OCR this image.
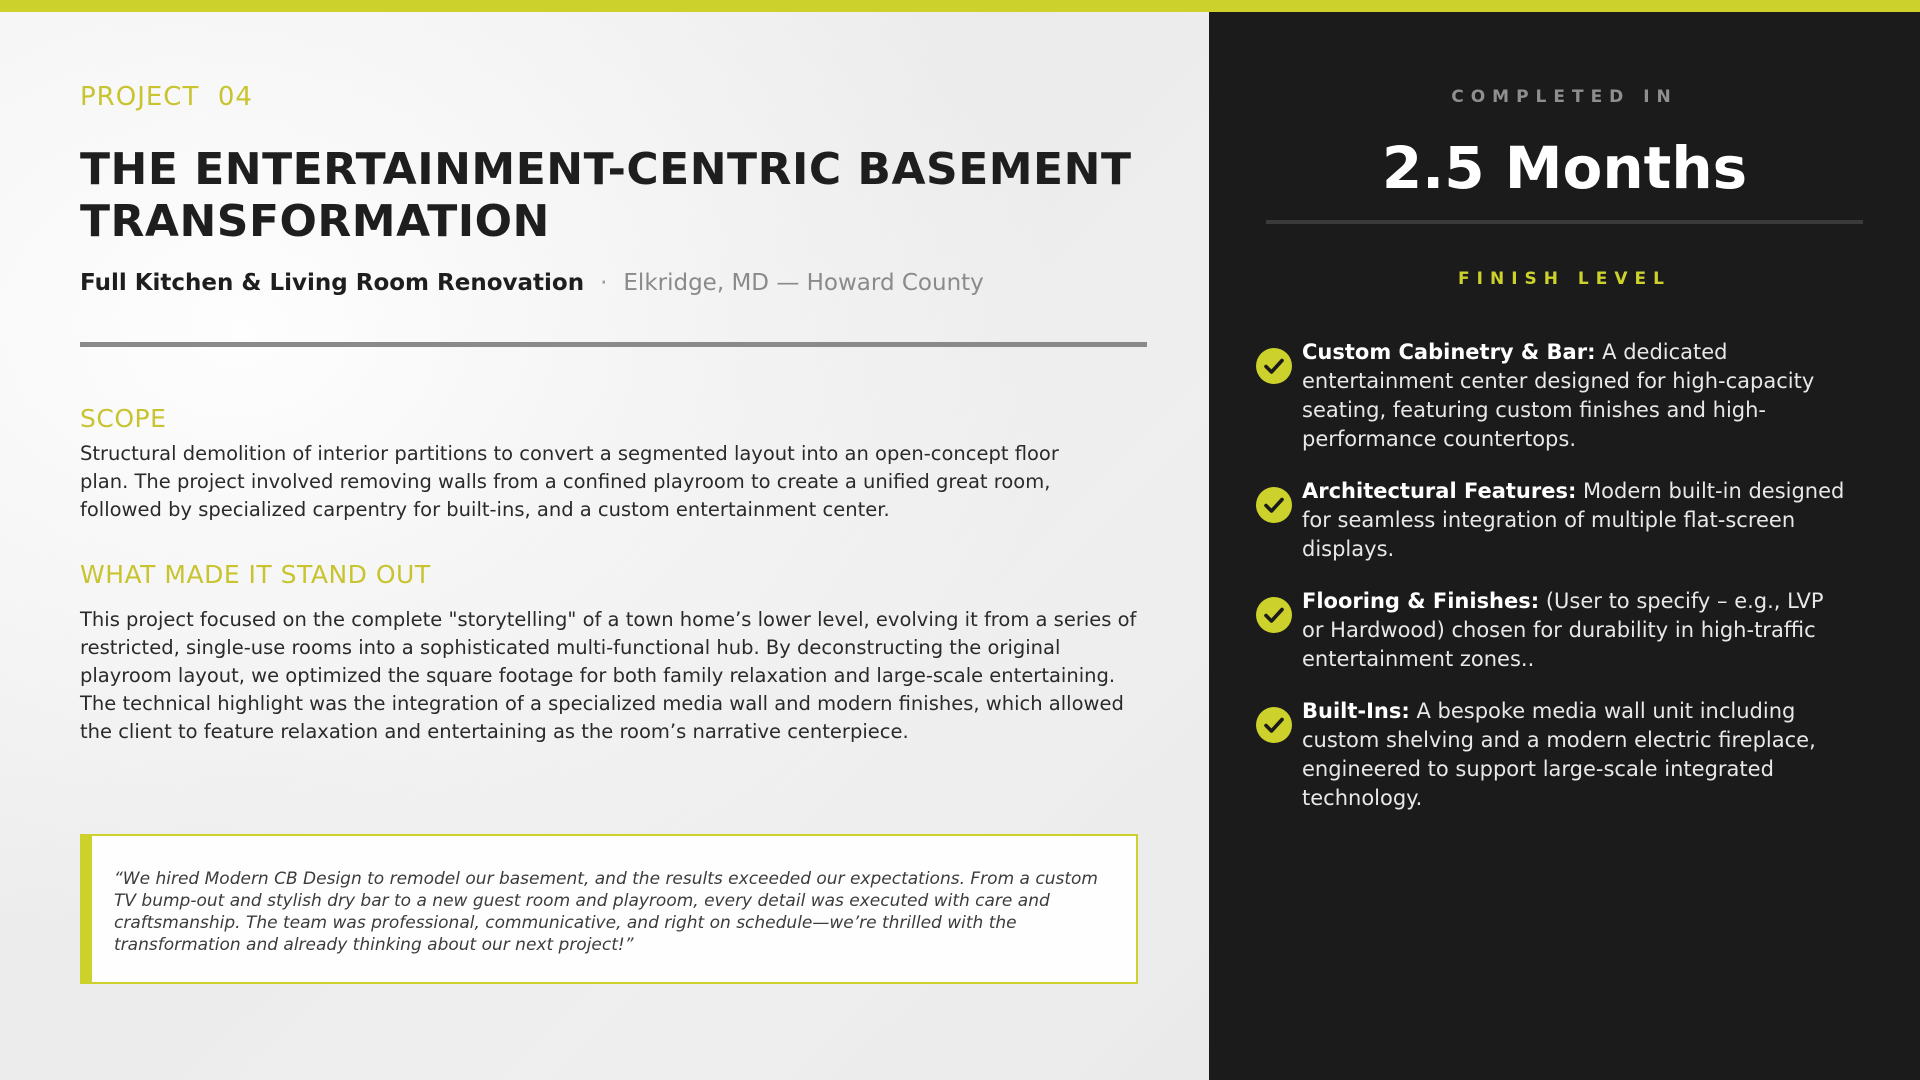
PROJECT  04
THE ENTERTAINMENT-CENTRIC BASEMENT TRANSFORMATION
Full Kitchen & Living Room Renovation · Elkridge, MD — Howard County
SCOPE

Structural demolition of interior partitions to convert a segmented layout into an open-concept floor plan. The project involved removing walls from a confined playroom to create a unified great room, followed by specialized carpentry for built-ins, and a custom entertainment center.

WHAT MADE IT STAND OUT

This project focused on the complete "storytelling" of a town home’s lower level, evolving it from a series of restricted, single-use rooms into a sophisticated multi-functional hub. By deconstructing the original playroom layout, we optimized the square footage for both family relaxation and large-scale entertaining. The technical highlight was the integration of a specialized media wall and modern finishes, which allowed the client to feature relaxation and entertaining as the room’s narrative centerpiece.

“We hired Modern CB Design to remodel our basement, and the results exceeded our expectations. From a custom TV bump-out and stylish dry bar to a new guest room and playroom, every detail was executed with care and craftsmanship. The team was professional, communicative, and right on schedule—we’re thrilled with the transformation and already thinking about our next project!”

COMPLETED IN
2.5 Months
FINISH LEVEL
Custom Cabinetry & Bar: A dedicated entertainment center designed for high-capacity seating, featuring custom finishes and high-performance countertops.
Architectural Features: Modern built-in designed for seamless integration of multiple flat-screen displays.
Flooring & Finishes: (User to specify – e.g., LVP or Hardwood) chosen for durability in high-traffic entertainment zones..
Built-Ins: A bespoke media wall unit including custom shelving and a modern electric fireplace, engineered to support large-scale integrated technology.
